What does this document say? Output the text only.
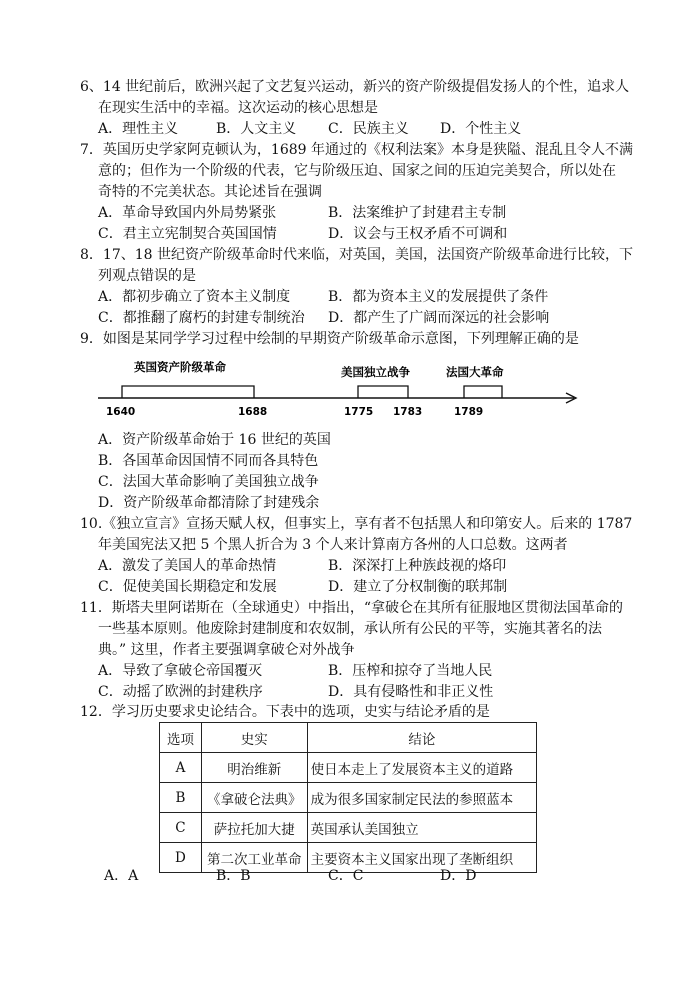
6、14 世纪前后，欧洲兴起了文艺复兴运动，新兴的资产阶级提倡发扬人的个性，追求人
在现实生活中的幸福。这次运动的核心思想是
A．理性主义	B．人文主义 C．民族主义 D．个性主义
7．英国历史学家阿克顿认为，1689 年通过的《权利法案》本身是狭隘、混乱且令人不满
意的；但作为一个阶级的代表，它与阶级压迫、国家之间的压迫完美契合，所以处在
奇特的不完美状态。其论述旨在强调
A．革命导致国内外局势紧张	B．法案维护了封建君主专制
C．君主立宪制契合英国国情	D．议会与王权矛盾不可调和
8．17、18 世纪资产阶级革命时代来临，对英国，美国，法国资产阶级革命进行比较，下
列观点错误的是
A．都初步确立了资本主义制度	B．都为资本主义的发展提供了条件
C．都推翻了腐朽的封建专制统治 D．都产生了广阔而深远的社会影响
9．如图是某同学学习过程中绘制的早期资产阶级革命示意图，下列理解正确的是
英国资产阶级革命	美国独立战争	法国大革命
1640	1688	1775 1783	1789
A．资产阶级革命始于 16 世纪的英国
B．各国革命因国情不同而各具特色
C．法国大革命影响了美国独立战争
D．资产阶级革命都清除了封建残余
10.《独立宣言》宣扬天赋人权，但事实上，享有者不包括黑人和印第安人。后来的 1787
年美国宪法又把 5 个黑人折合为 3 个人来计算南方各州的人口总数。这两者
A．激发了美国人的革命热情	B．深深打上种族歧视的烙印
C．促使美国长期稳定和发展	D．建立了分权制衡的联邦制
11．斯塔夫里阿诺斯在（全球通史）中指出，“拿破仑在其所有征服地区贯彻法国革命的
一些基本原则。他废除封建制度和农奴制，承认所有公民的平等，实施其著名的法
典。” 这里，作者主要强调拿破仑对外战争
A．导致了拿破仑帝国覆灭	B．压榨和掠夺了当地人民
C．动摇了欧洲的封建秩序	D．具有侵略性和非正义性
12．学习历史要求史论结合。下表中的选项，史实与结论矛盾的是
选项	史实	结论
A	明治维新	使日本走上了发展资本主义的道路
B	《拿破仑法典》	成为很多国家制定民法的参照蓝本
C	萨拉托加大捷	英国承认美国独立
D	第二次工业革命	主要资本主义国家出现了垄断组织
A．A	B．B	C．C	D．D
